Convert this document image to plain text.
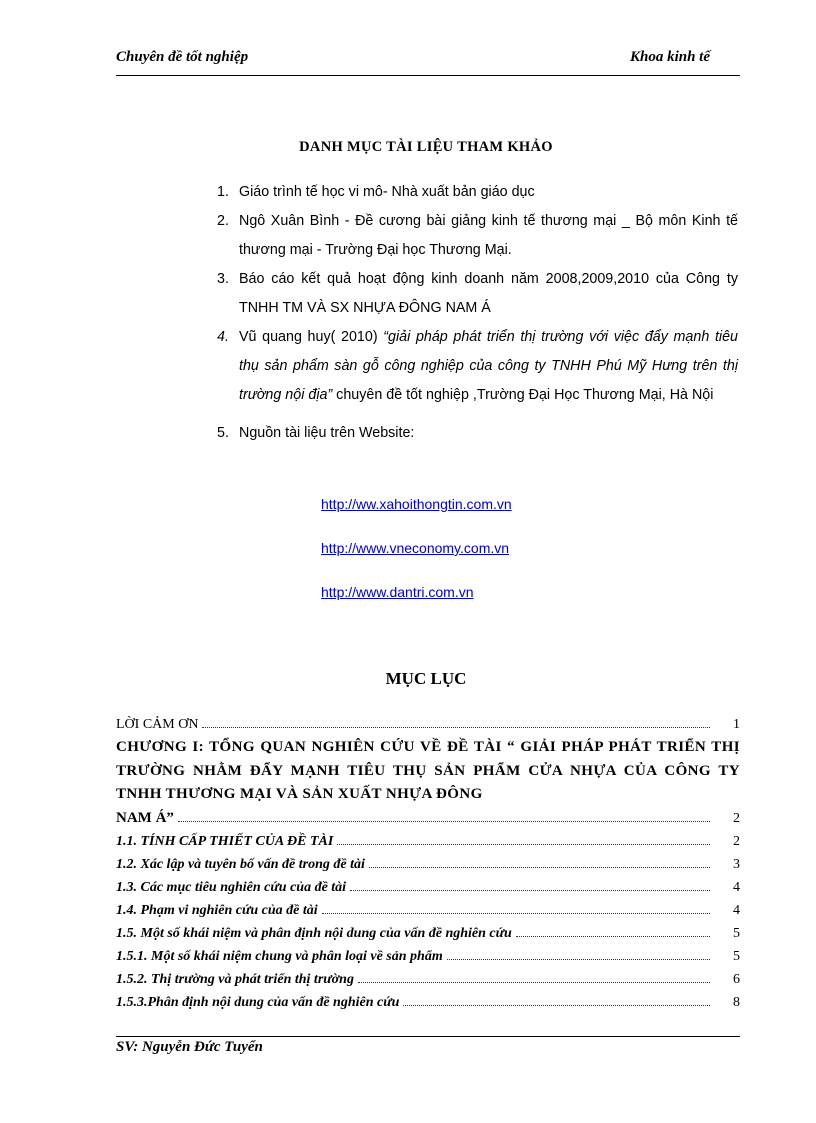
Chuyên đề tốt nghiệp	Khoa kinh tế
DANH MỤC TÀI LIỆU THAM KHẢO

1. Giáo trình tế học vi mô- Nhà xuất bản giáo dục

2. Ngô Xuân Bình - Đề cương bài giảng kinh tế thương mại _ Bộ môn Kinh tế thương mại - Trường Đại học Thương Mại.

3. Báo cáo kết quả hoạt động kinh doanh năm 2008,2009,2010 của Công ty TNHH TM VÀ SX NHỰA ĐÔNG NAM Á

4. Vũ quang huy( 2010) “giải pháp phát triển thị trường với việc đẩy mạnh tiêu thụ sản phẩm sàn gỗ công nghiệp của công ty TNHH Phú Mỹ Hưng trên thị trường nội địa” chuyên đề tốt nghiệp ,Trường Đại Học Thương Mại, Hà Nội

5. Nguồn tài liệu trên Website:

http://ww.xahoithongtin.com.vn
http://www.vneconomy.com.vn
http://www.dantri.com.vn
MỤC LỤC
LỜI CẢM ƠN	1
CHƯƠNG I: TỔNG QUAN NGHIÊN CỨU VỀ ĐỀ TÀI “ GIẢI PHÁP PHÁT TRIỂN THỊ TRƯỜNG NHẰM ĐẨY MẠNH TIÊU THỤ SẢN PHẨM CỬA NHỰA CỦA CÔNG TY TNHH THƯƠNG MẠI VÀ SẢN XUẤT NHỰA ĐÔNG
NAM Á”	2
1.1. TÍNH CẤP THIẾT CỦA ĐỀ TÀI	2
1.2. Xác lập và tuyên bố vấn đề trong đề tài	3
1.3. Các mục tiêu nghiên cứu của đề tài	4
1.4. Phạm vi nghiên cứu của đề tài	4
1.5. Một số khái niệm và phân định nội dung của vấn đề nghiên cứu	5
1.5.1. Một số khái niệm chung và phân loại về sản phẩm	5
1.5.2. Thị trường và phát triển thị trường	6
1.5.3.Phân định nội dung của vấn đề nghiên cứu	8
SV: Nguyễn Đức Tuyển
